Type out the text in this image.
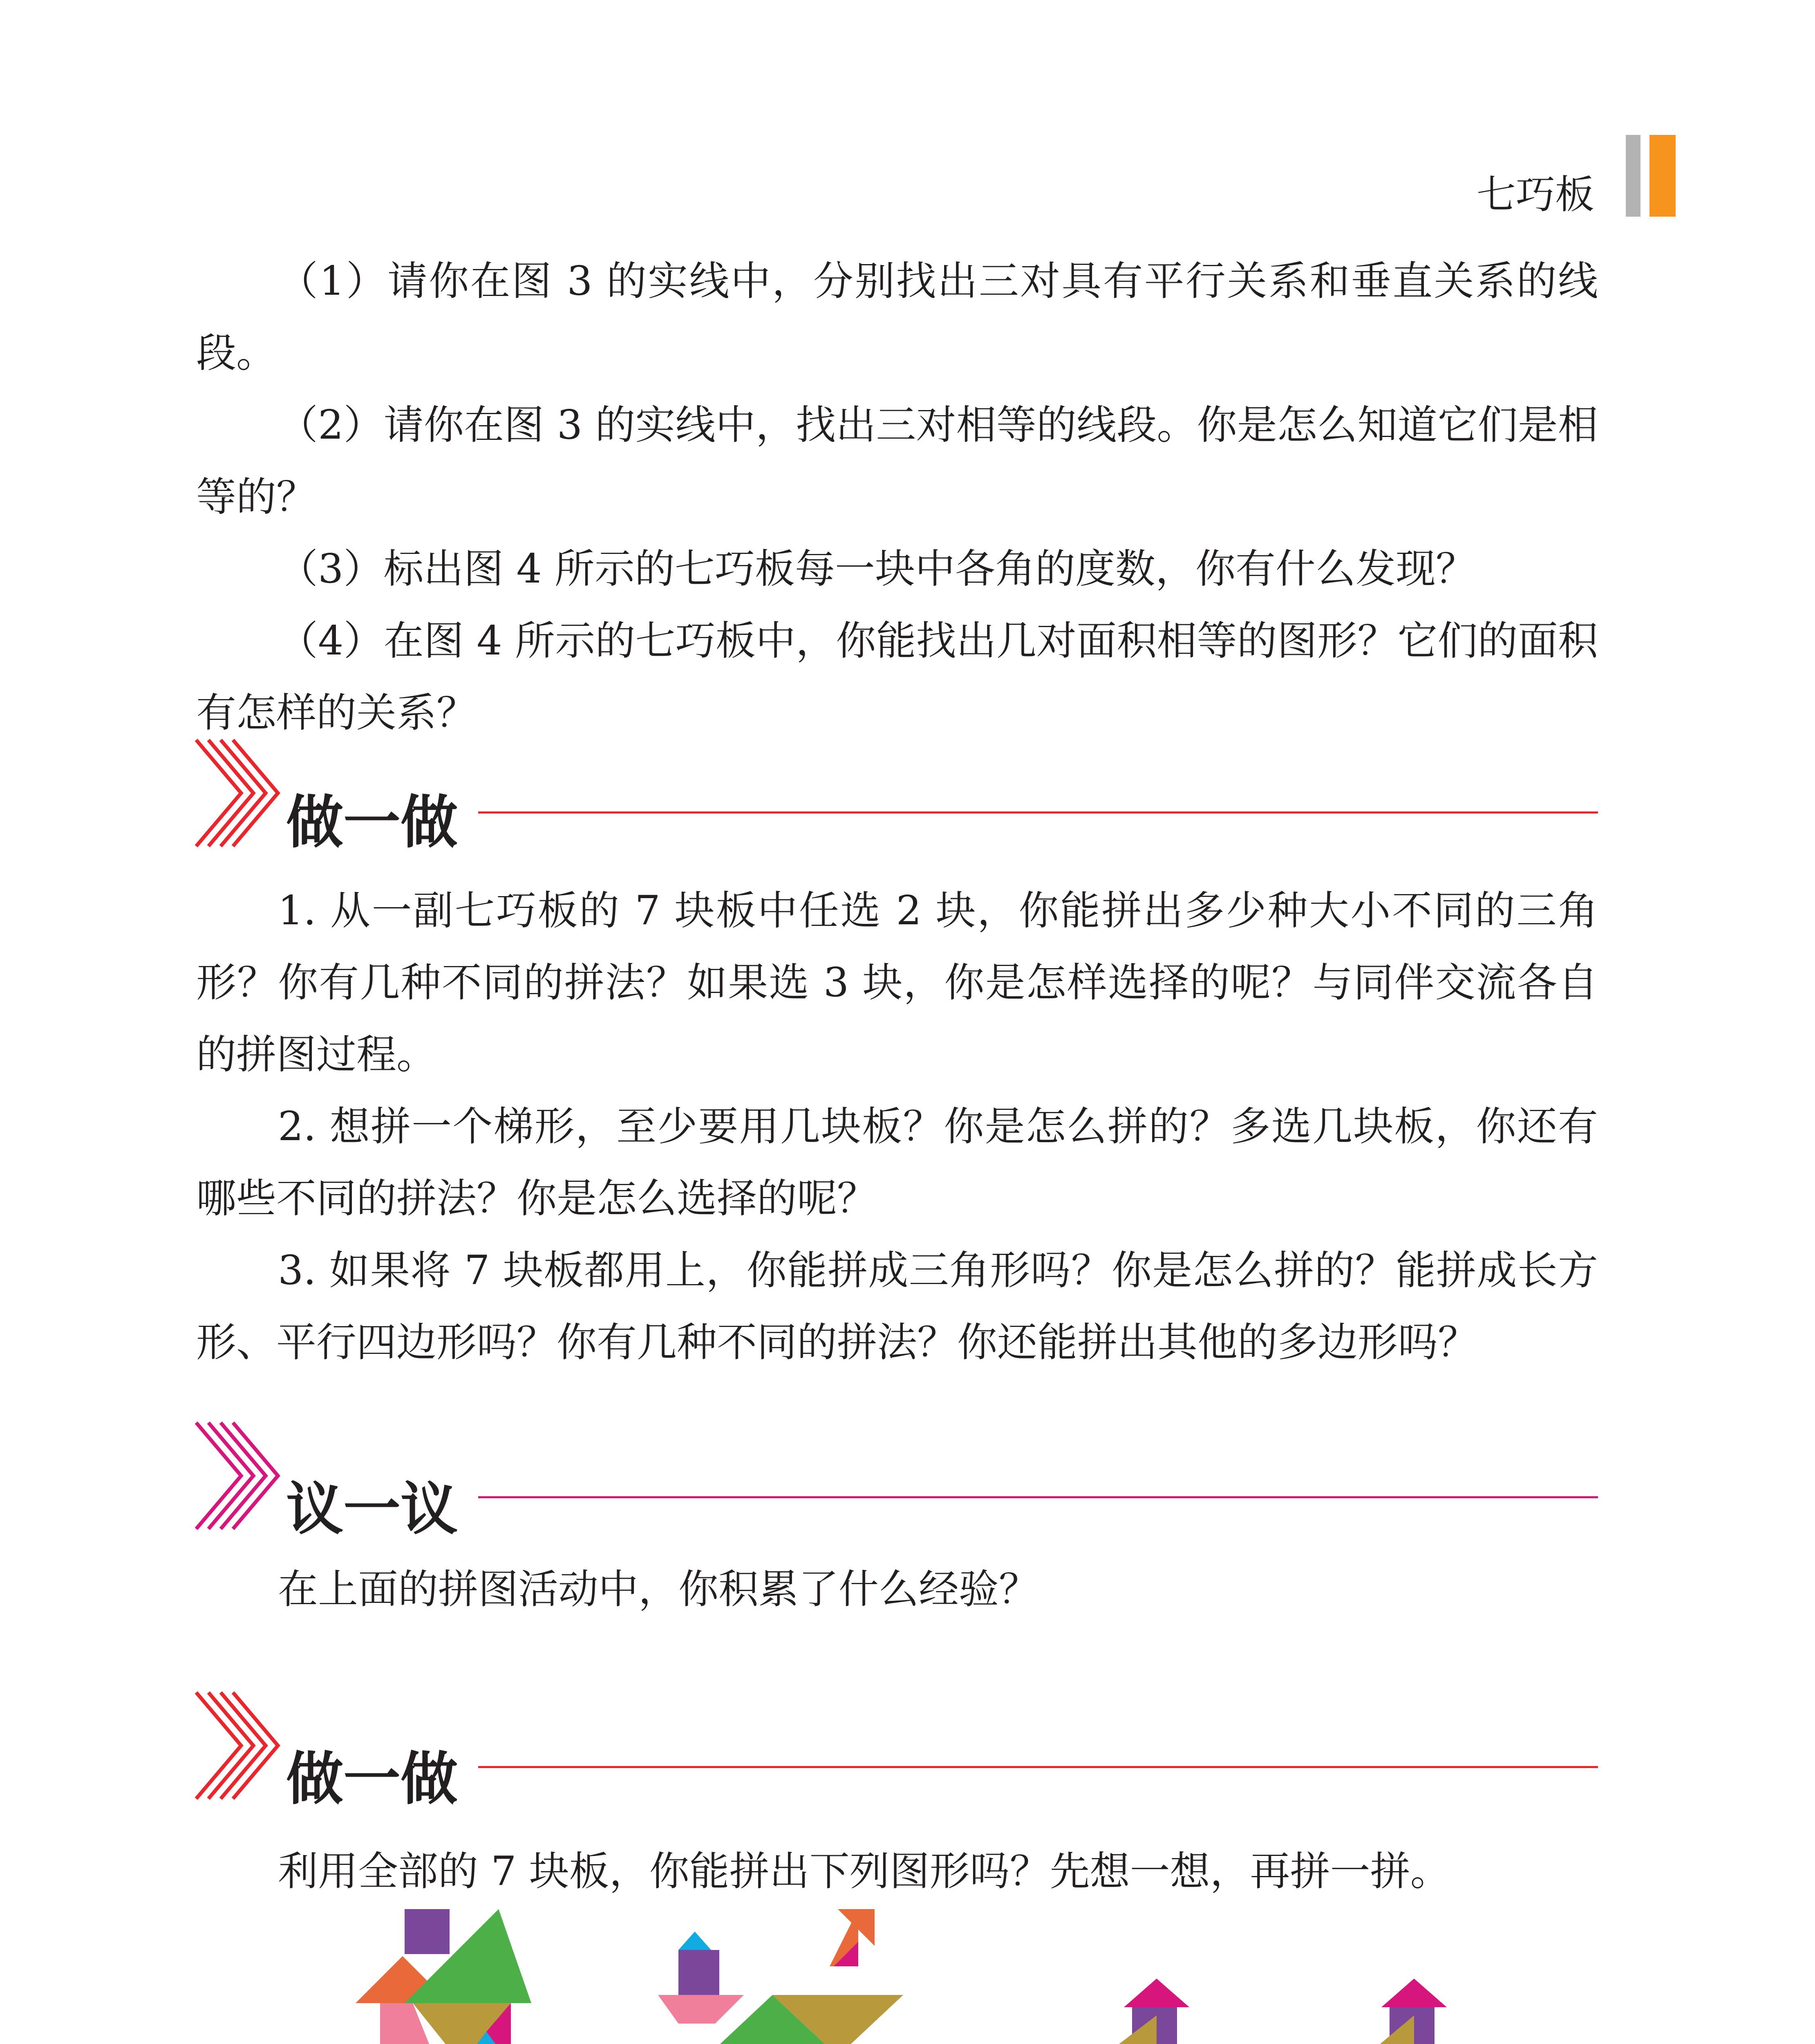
七巧板

（1）请你在图 3 的实线中，分别找出三对具有平行关系和垂直关系的线段。

（2）请你在图 3 的实线中，找出三对相等的线段。你是怎么知道它们是相等的？

（3）标出图 4 所示的七巧板每一块中各角的度数，你有什么发现？

（4）在图 4 所示的七巧板中，你能找出几对面积相等的图形？它们的面积有怎样的关系？

做一做

1. 从一副七巧板的 7 块板中任选 2 块，你能拼出多少种大小不同的三角形？你有几种不同的拼法？如果选 3 块，你是怎样选择的呢？与同伴交流各自的拼图过程。

2. 想拼一个梯形，至少要用几块板？你是怎么拼的？多选几块板，你还有哪些不同的拼法？你是怎么选择的呢？

3. 如果将 7 块板都用上，你能拼成三角形吗？你是怎么拼的？能拼成长方形、平行四边形吗？你有几种不同的拼法？你还能拼出其他的多边形吗？

议一议
在上面的拼图活动中，你积累了什么经验？
做一做
利用全部的 7 块板，你能拼出下列图形吗？先想一想，再拼一拼。
